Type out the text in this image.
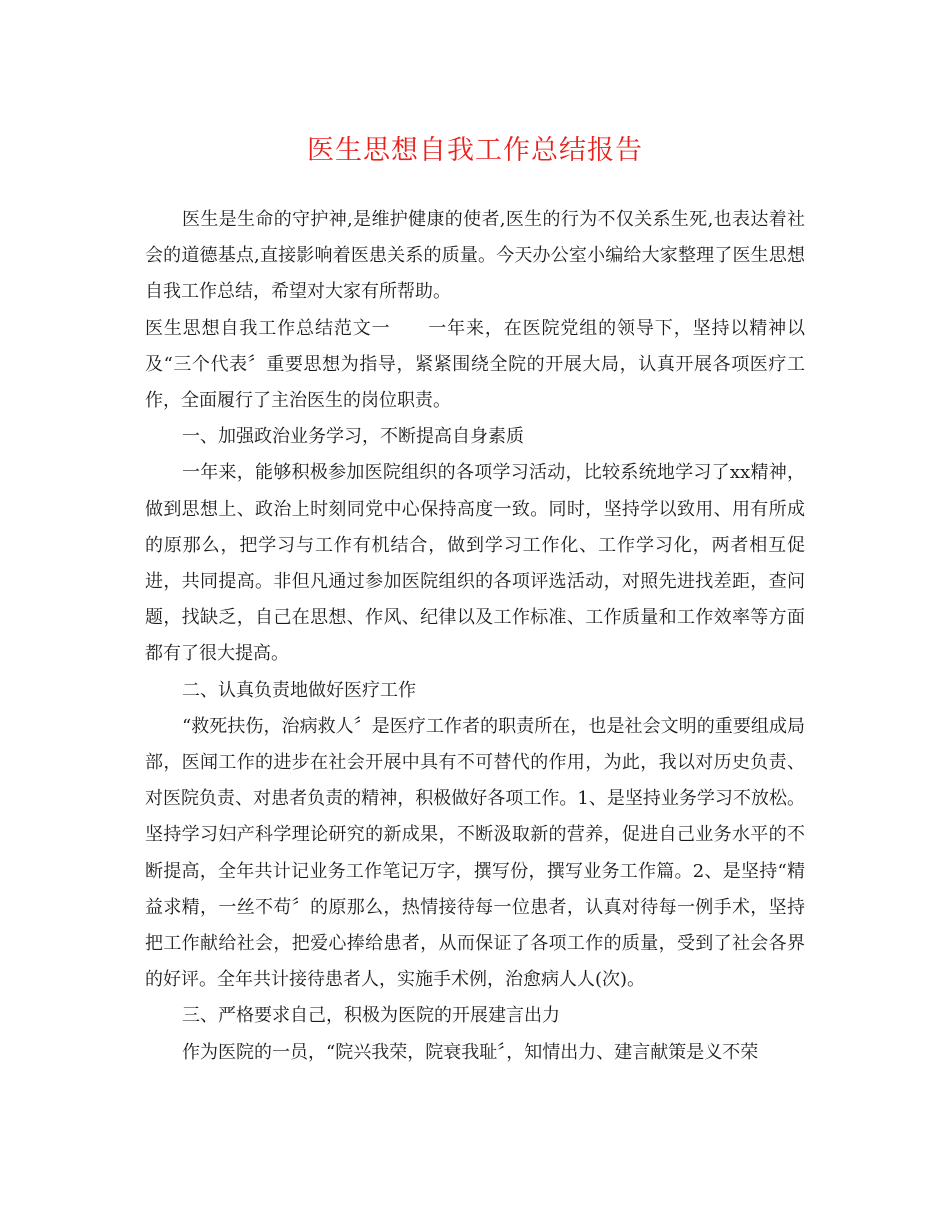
医生思想自我工作总结报告

医生是生命的守护神,是维护健康的使者,医生的行为不仅关系生死,也表达着社会的道德基点,直接影响着医患关系的质量。今天办公室小编给大家整理了医生思想自我工作总结，希望对大家有所帮助。

医生思想自我工作总结范文一　　一年来，在医院党组的领导下，坚持以精神以及“三个代表〞重要思想为指导，紧紧围绕全院的开展大局，认真开展各项医疗工作，全面履行了主治医生的岗位职责。

一、加强政治业务学习，不断提高自身素质

一年来，能够积极参加医院组织的各项学习活动，比较系统地学习了xx精神，做到思想上、政治上时刻同党中心保持高度一致。同时，坚持学以致用、用有所成的原那么，把学习与工作有机结合，做到学习工作化、工作学习化，两者相互促进，共同提高。非但凡通过参加医院组织的各项评选活动，对照先进找差距，查问题，找缺乏，自己在思想、作风、纪律以及工作标准、工作质量和工作效率等方面都有了很大提高。

二、认真负责地做好医疗工作

“救死扶伤，治病救人〞是医疗工作者的职责所在，也是社会文明的重要组成局部，医闻工作的进步在社会开展中具有不可替代的作用，为此，我以对历史负责、对医院负责、对患者负责的精神，积极做好各项工作。1、是坚持业务学习不放松。坚持学习妇产科学理论研究的新成果，不断汲取新的营养，促进自己业务水平的不断提高，全年共计记业务工作笔记万字，撰写份，撰写业务工作篇。2、是坚持“精益求精，一丝不苟〞的原那么，热情接待每一位患者，认真对待每一例手术，坚持把工作献给社会，把爱心捧给患者，从而保证了各项工作的质量，受到了社会各界的好评。全年共计接待患者人，实施手术例，治愈病人人(次)。

三、严格要求自己，积极为医院的开展建言出力

作为医院的一员，“院兴我荣，院衰我耻〞，知情出力、建言献策是义不荣
